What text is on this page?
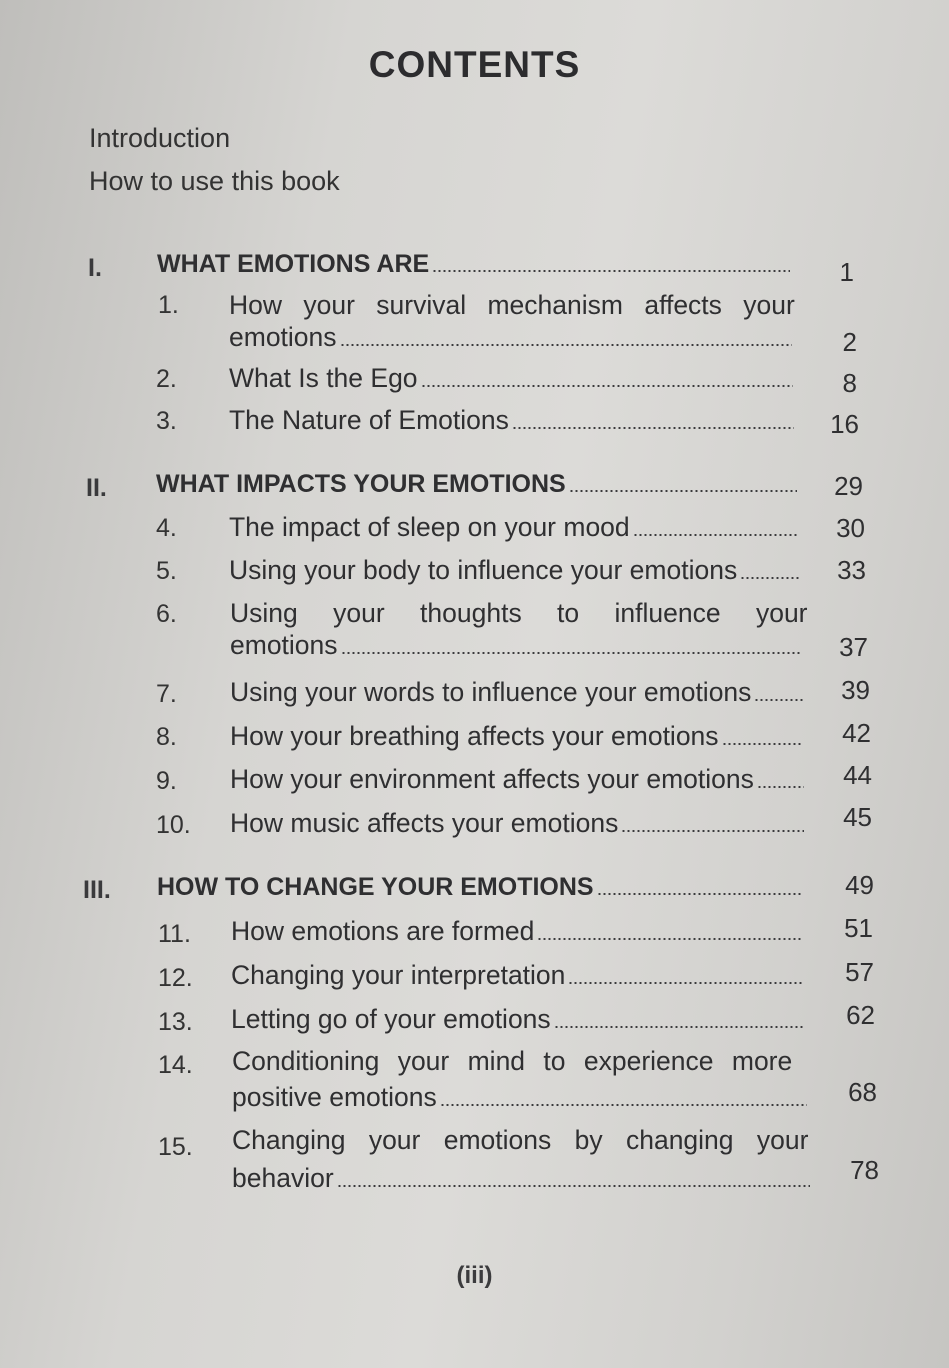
CONTENTS
Introduction
How to use this book
I. WHAT EMOTIONS ARE	1
1. How your survival mechanism affects your
emotions	2
2. What Is the Ego	8
3. The Nature of Emotions	16
II. WHAT IMPACTS YOUR EMOTIONS	29
4. The impact of sleep on your mood	30
5. Using your body to influence your emotions	33
6. Using your thoughts to influence your
emotions	37
7. Using your words to influence your emotions	39
8. How your breathing affects your emotions	42
9. How your environment affects your emotions	44
10. How music affects your emotions	45
III. HOW TO CHANGE YOUR EMOTIONS	49
11. How emotions are formed	51
12. Changing your interpretation	57
13. Letting go of your emotions	62
14. Conditioning your mind to experience more
positive emotions	68
15. Changing your emotions by changing your
behavior	78
(iii)
